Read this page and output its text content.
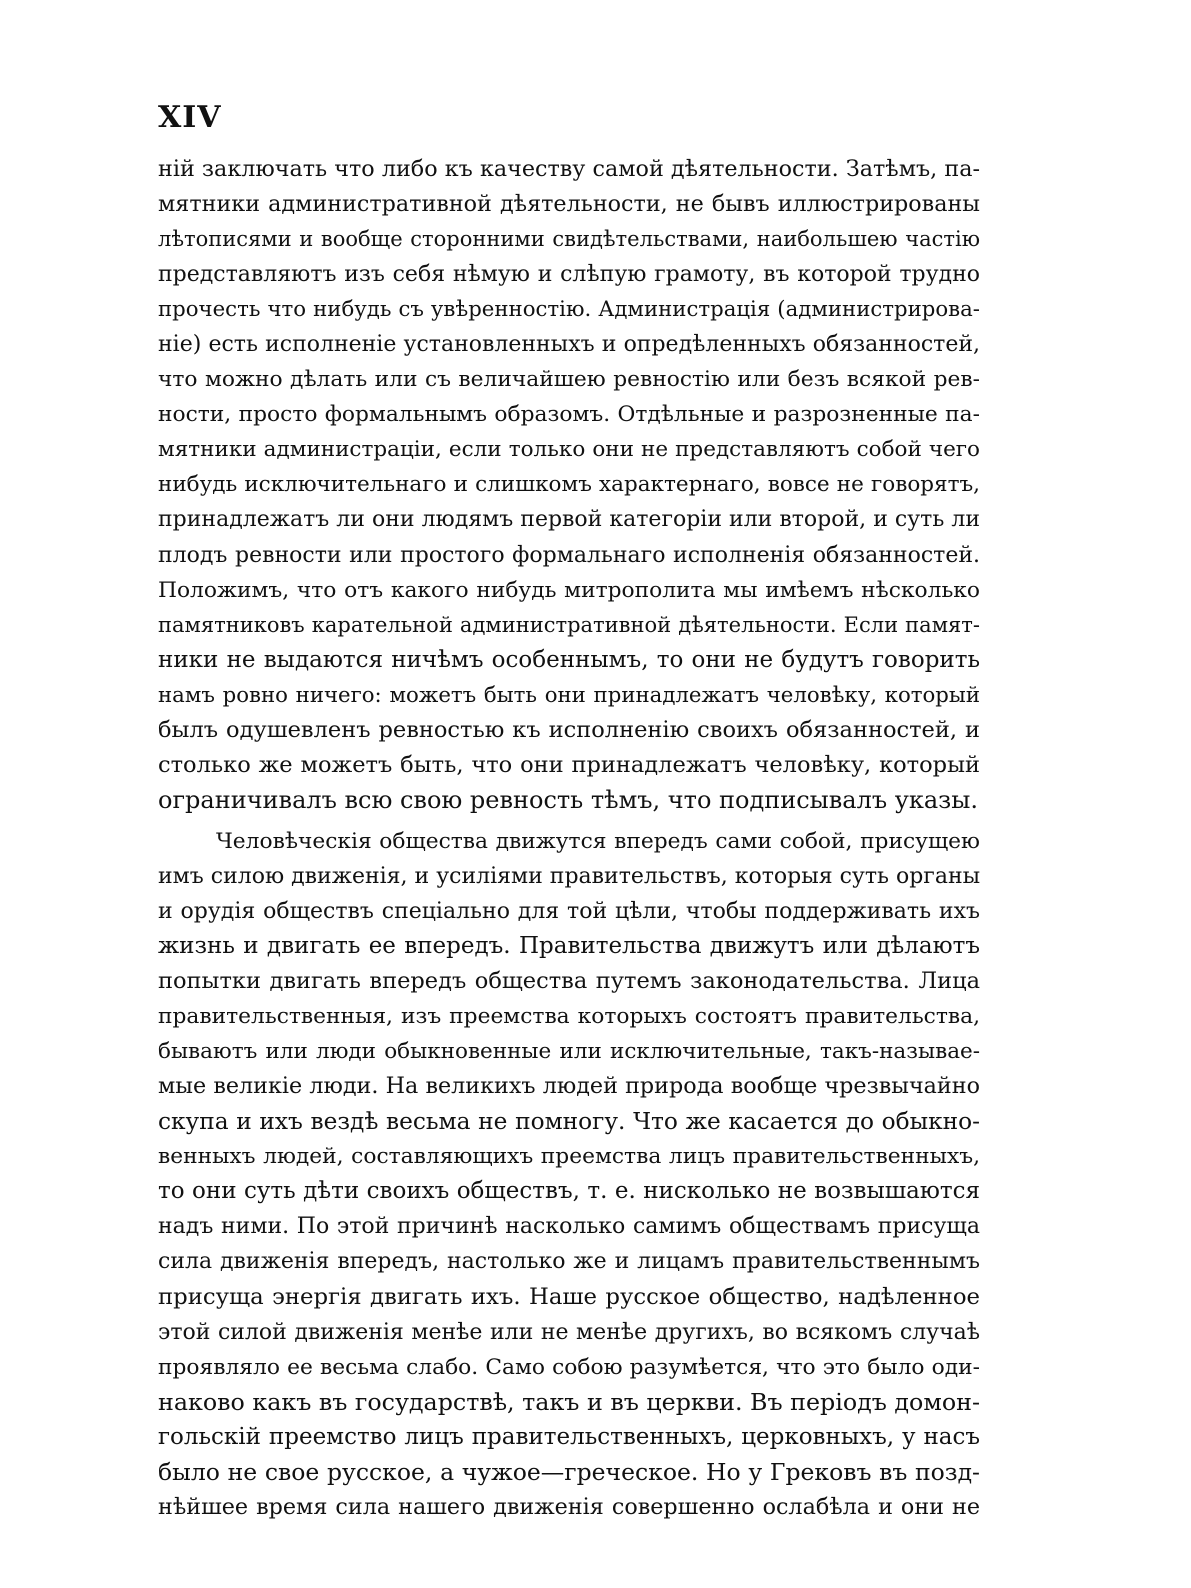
XIV
ній заключать что либо къ качеству самой дѣятельности. Затѣмъ, па-
мятники административной дѣятельности, не бывъ иллюстрированы
лѣтописями и вообще сторонними свидѣтельствами, наибольшею частію
представляютъ изъ себя нѣмую и слѣпую грамоту, въ которой трудно
прочесть что нибудь съ увѣренностію. Администрація (администрирова-
ніе) есть исполненіе установленныхъ и опредѣленныхъ обязанностей,
что можно дѣлать или съ величайшею ревностію или безъ всякой рев-
ности, просто формальнымъ образомъ. Отдѣльные и разрозненные па-
мятники администраціи, если только они не представляютъ собой чего
нибудь исключительнаго и слишкомъ характернаго, вовсе не говорятъ,
принадлежатъ ли они людямъ первой категоріи или второй, и суть ли
плодъ ревности или простого формальнаго исполненія обязанностей.
Положимъ, что отъ какого нибудь митрополита мы имѣемъ нѣсколько
памятниковъ карательной административной дѣятельности. Если памят-
ники не выдаются ничѣмъ особеннымъ, то они не будутъ говорить
намъ ровно ничего: можетъ быть они принадлежатъ человѣку, который
былъ одушевленъ ревностью къ исполненію своихъ обязанностей, и
столько же можетъ быть, что они принадлежатъ человѣку, который
ограничивалъ всю свою ревность тѣмъ, что подписывалъ указы.
Человѣческія общества движутся впередъ сами собой, присущею
имъ силою движенія, и усиліями правительствъ, которыя суть органы
и орудія обществъ спеціально для той цѣли, чтобы поддерживать ихъ
жизнь и двигать ее впередъ. Правительства движутъ или дѣлаютъ
попытки двигать впередъ общества путемъ законодательства. Лица
правительственныя, изъ преемства которыхъ состоятъ правительства,
бываютъ или люди обыкновенные или исключительные, такъ-называе-
мые великіе люди. На великихъ людей природа вообще чрезвычайно
скупа и ихъ вездѣ весьма не помногу. Что же касается до обыкно-
венныхъ людей, составляющихъ преемства лицъ правительственныхъ,
то они суть дѣти своихъ обществъ, т. е. нисколько не возвышаются
надъ ними. По этой причинѣ насколько самимъ обществамъ присуща
сила движенія впередъ, настолько же и лицамъ правительственнымъ
присуща энергія двигать ихъ. Наше русское общество, надѣленное
этой силой движенія менѣе или не менѣе другихъ, во всякомъ случаѣ
проявляло ее весьма слабо. Само собою разумѣется, что это было оди-
наково какъ въ государствѣ, такъ и въ церкви. Въ періодъ домон-
гольскій преемство лицъ правительственныхъ, церковныхъ, у насъ
было не свое русское, а чужое—греческое. Но у Грековъ въ позд-
нѣйшее время сила нашего движенія совершенно ослабѣла и они не
